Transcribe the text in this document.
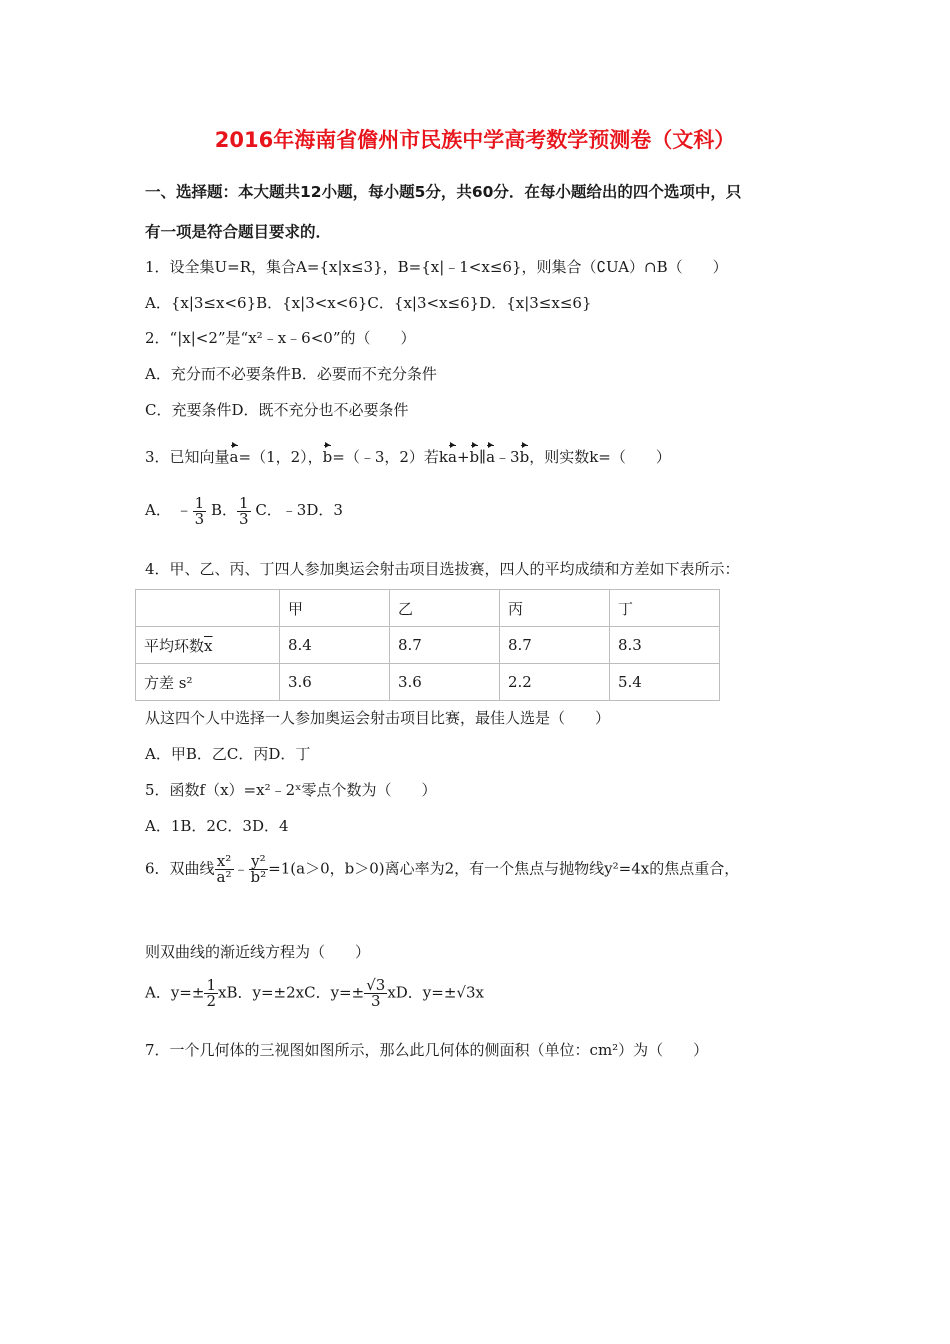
2016年海南省儋州市民族中学高考数学预测卷（文科）
一、选择题：本大题共12小题，每小题5分，共60分．在每小题给出的四个选项中，只
有一项是符合题目要求的．
1．设全集U=R，集合A={x|x≤3}，B={x|﹣1<x≤6}，则集合（∁UA）∩B（　　）
A．{x|3≤x<6}B．{x|3<x<6}C．{x|3<x≤6}D．{x|3≤x≤6}
2．“|x|<2”是“x²﹣x﹣6<0”的（　　）
A．充分而不必要条件B．必要而不充分条件
C．充要条件D．既不充分也不必要条件
3．已知向量a=（1，2），b=（﹣3，2）若ka+b∥a﹣3b，则实数k=（　　）
A． ﹣ $\frac{1}{3}$ B． $\frac{1}{3}$ C．﹣3D．3
4．甲、乙、丙、丁四人参加奥运会射击项目选拔赛，四人的平均成绩和方差如下表所示：
	甲	乙	丙	丁
平均环数$\overline{x}$	8.4	8.7	8.7	8.3
方差 s²	3.6	3.6	2.2	5.4
从这四个人中选择一人参加奥运会射击项目比赛，最佳人选是（　　）
A．甲B．乙C．丙D．丁
5．函数f（x）=x²﹣2ˣ零点个数为（　　）
A．1B．2C．3D．4
6．双曲线 $\frac{\text{x²}}{\text{a²}}$ ﹣ $\frac{\text{y²}}{\text{b²}} =1(a>0$，b＞0)离心率为2，有一个焦点与抛物线y²=4x的焦点重合，
则双曲线的渐近线方程为（　　）
A．$y=\pm \frac{1}{2}$ xB．y=±2xC．$y=\pm \frac{√3}{3}$ xD．y=±√3x
7．一个几何体的三视图如图所示，那么此几何体的侧面积（单位：cm²）为（　　）
